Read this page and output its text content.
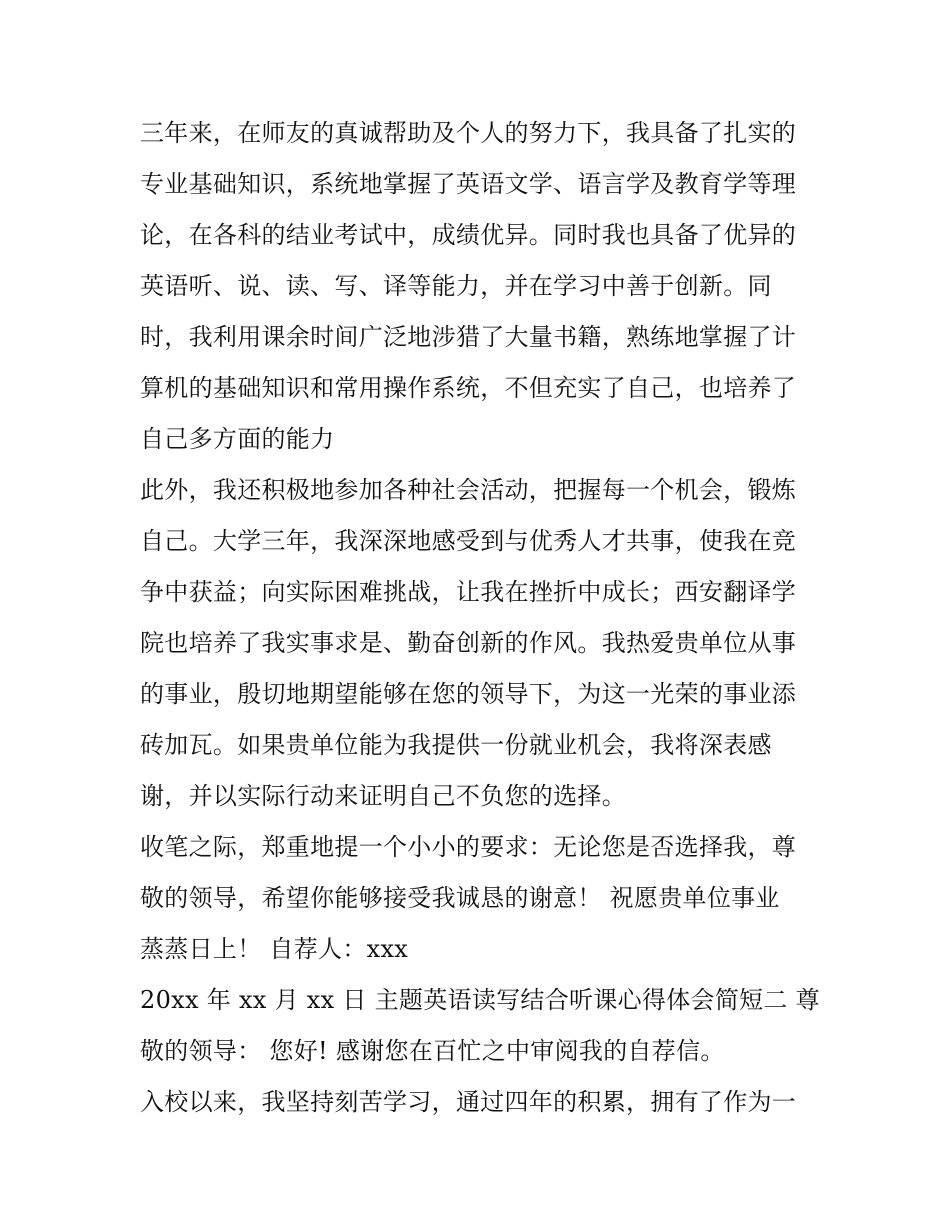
三年来，在师友的真诚帮助及个人的努力下，我具备了扎实的
专业基础知识，系统地掌握了英语文学、语言学及教育学等理
论，在各科的结业考试中，成绩优异。同时我也具备了优异的
英语听、说、读、写、译等能力，并在学习中善于创新。同
时，我利用课余时间广泛地涉猎了大量书籍，熟练地掌握了计
算机的基础知识和常用操作系统，不但充实了自己，也培养了
自己多方面的能力
此外，我还积极地参加各种社会活动，把握每一个机会，锻炼
自己。大学三年，我深深地感受到与优秀人才共事，使我在竞
争中获益；向实际困难挑战，让我在挫折中成长；西安翻译学
院也培养了我实事求是、勤奋创新的作风。我热爱贵单位从事
的事业，殷切地期望能够在您的领导下，为这一光荣的事业添
砖加瓦。如果贵单位能为我提供一份就业机会，我将深表感
谢，并以实际行动来证明自己不负您的选择。
收笔之际，郑重地提一个小小的要求：无论您是否选择我，尊
敬的领导，希望你能够接受我诚恳的谢意！ 祝愿贵单位事业
蒸蒸日上！ 自荐人：xxx
20xx 年 xx 月 xx 日 主题英语读写结合听课心得体会简短二 尊
敬的领导： 您好! 感谢您在百忙之中审阅我的自荐信。
入校以来，我坚持刻苦学习，通过四年的积累，拥有了作为一
